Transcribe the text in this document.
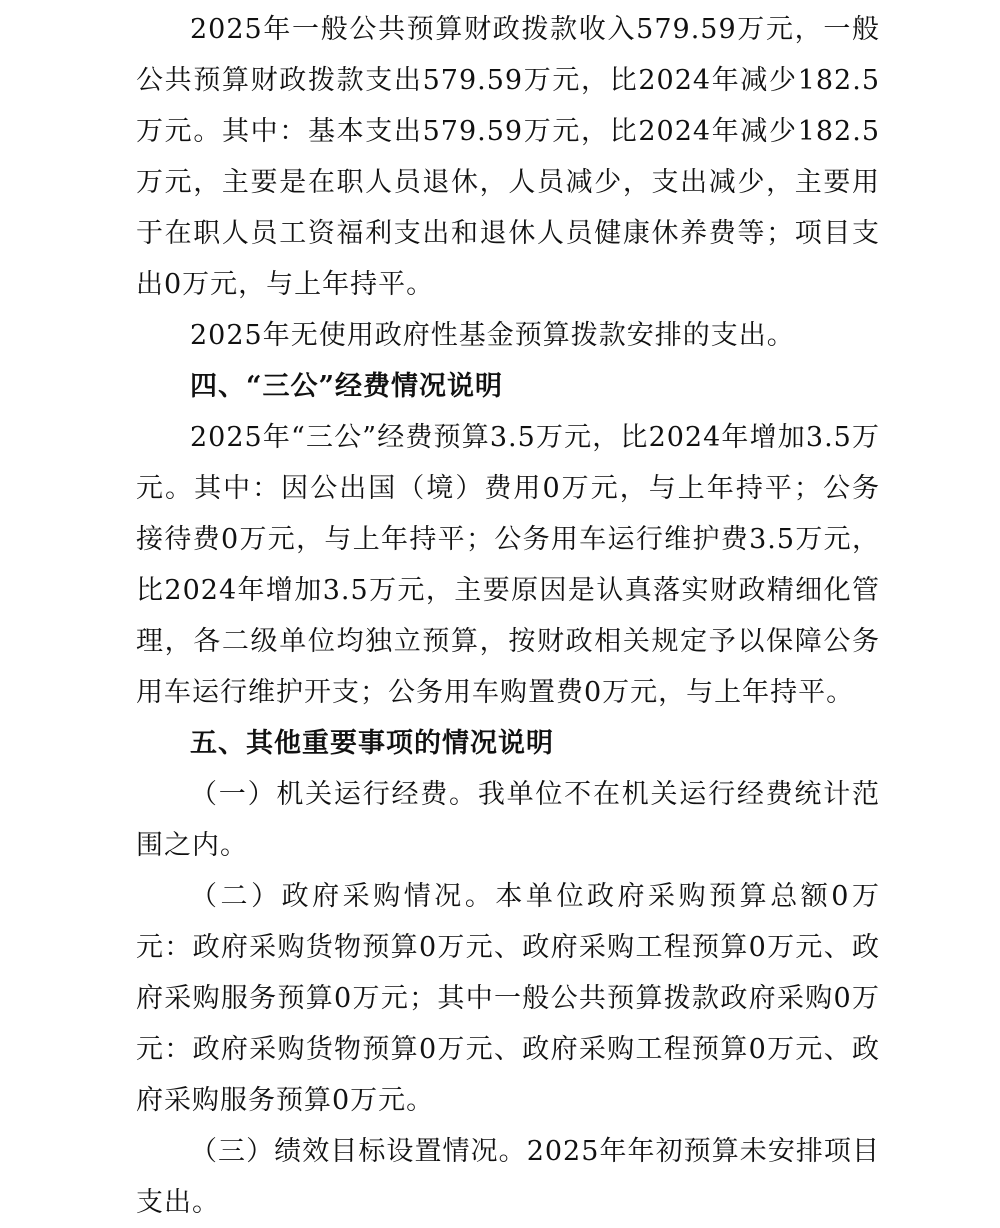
2025年一般公共预算财政拨款收入579.59万元，一般公共预算财政拨款支出579.59万元，比2024年减少182.5万元。其中：基本支出579.59万元，比2024年减少182.5万元，主要是在职人员退休，人员减少，支出减少，主要用于在职人员工资福利支出和退休人员健康休养费等；项目支出0万元，与上年持平。

2025年无使用政府性基金预算拨款安排的支出。

四、“三公”经费情况说明

2025年“三公”经费预算3.5万元，比2024年增加3.5万元。其中：因公出国（境）费用0万元，与上年持平；公务接待费0万元，与上年持平；公务用车运行维护费3.5万元，比2024年增加3.5万元，主要原因是认真落实财政精细化管理，各二级单位均独立预算，按财政相关规定予以保障公务用车运行维护开支；公务用车购置费0万元，与上年持平。

五、其他重要事项的情况说明

（一）机关运行经费。我单位不在机关运行经费统计范围之内。

（二）政府采购情况。本单位政府采购预算总额0万元：政府采购货物预算0万元、政府采购工程预算0万元、政府采购服务预算0万元；其中一般公共预算拨款政府采购0万元：政府采购货物预算0万元、政府采购工程预算0万元、政府采购服务预算0万元。

（三）绩效目标设置情况。2025年年初预算未安排项目支出。
